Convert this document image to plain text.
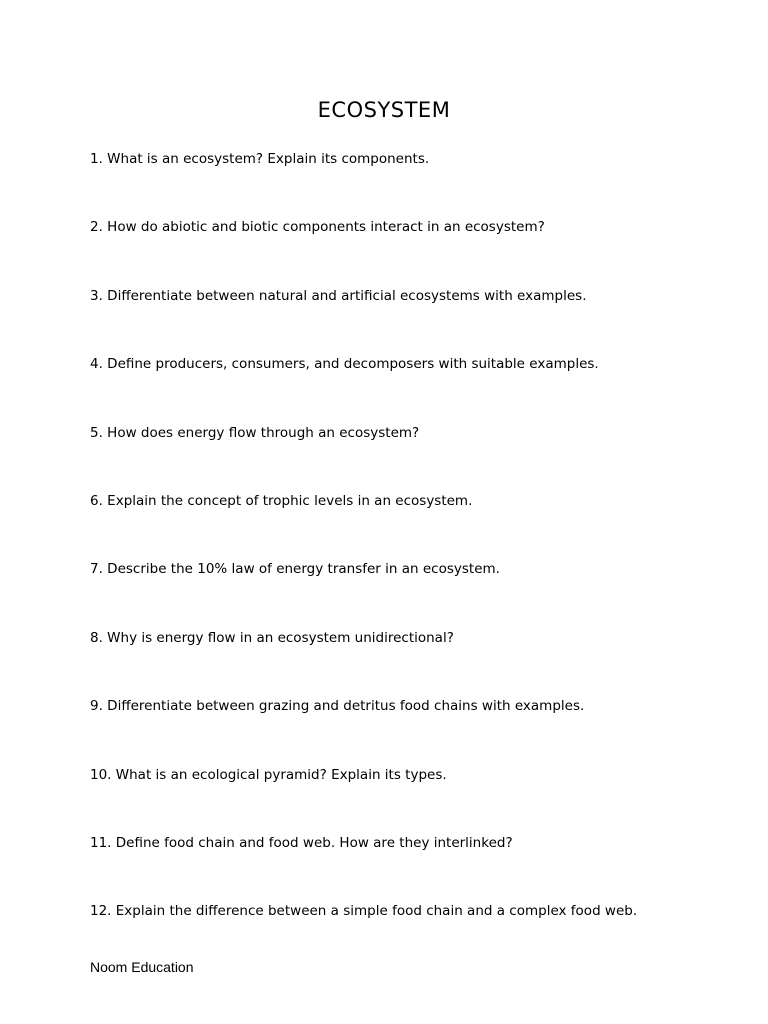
ECOSYSTEM
1. What is an ecosystem? Explain its components.
2. How do abiotic and biotic components interact in an ecosystem?
3. Differentiate between natural and artificial ecosystems with examples.
4. Define producers, consumers, and decomposers with suitable examples.
5. How does energy flow through an ecosystem?
6. Explain the concept of trophic levels in an ecosystem.
7. Describe the 10% law of energy transfer in an ecosystem.
8. Why is energy flow in an ecosystem unidirectional?
9. Differentiate between grazing and detritus food chains with examples.
10. What is an ecological pyramid? Explain its types.
11. Define food chain and food web. How are they interlinked?
12. Explain the difference between a simple food chain and a complex food web.
Noom Education
